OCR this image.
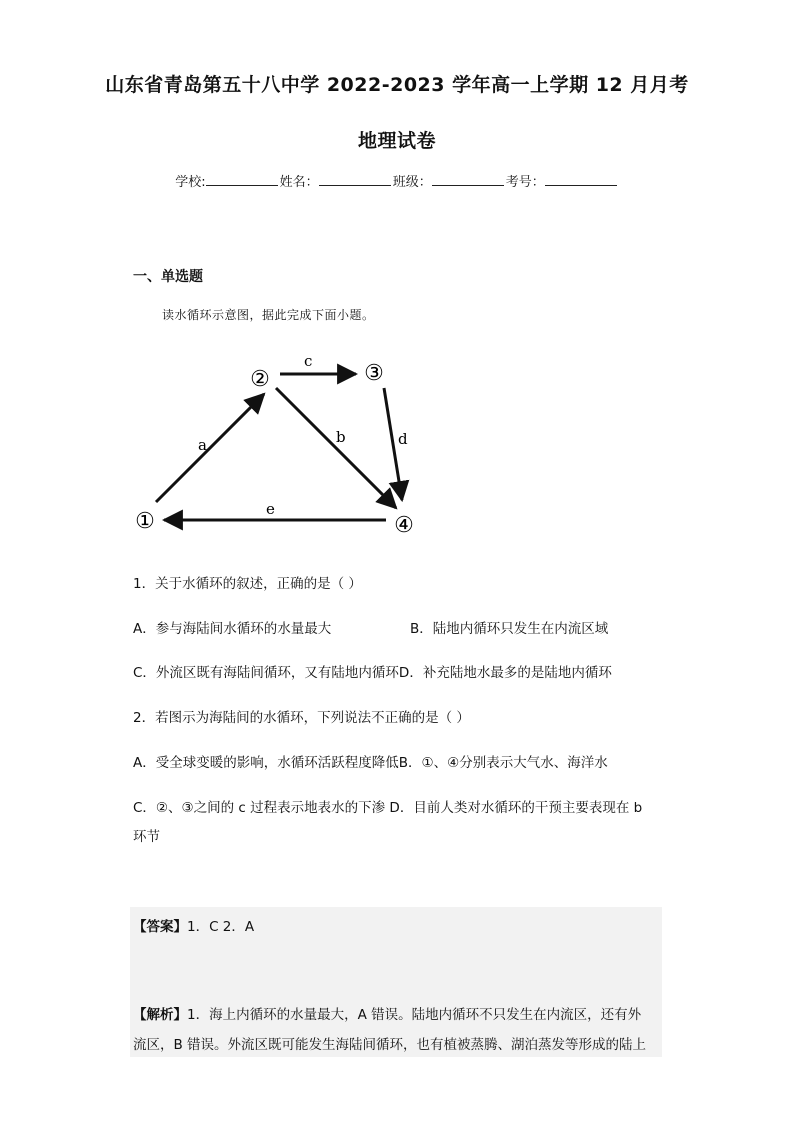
山东省青岛第五十八中学 2022-2023 学年高一上学期 12 月月考
地理试卷
学校:	姓名：	班级：	考号：
一、单选题
读水循环示意图，据此完成下面小题。
①
②	③
④
a	b
c
d
e
1．关于水循环的叙述，正确的是（ ）
A．参与海陆间水循环的水量最大	B．陆地内循环只发生在内流区域
C．外流区既有海陆间循环，又有陆地内循环D．补充陆地水最多的是陆地内循环
2．若图示为海陆间的水循环，下列说法不正确的是（ ）
A．受全球变暖的影响，水循环活跃程度降低B．①、④分别表示大气水、海洋水
C．②、③之间的 c 过程表示地表水的下渗 D．目前人类对水循环的干预主要表现在 b
环节
【答案】1．C 2．A
【解析】1．海上内循环的水量最大，A 错误。陆地内循环不只发生在内流区，还有外
流区，B 错误。外流区既可能发生海陆间循环，也有植被蒸腾、湖泊蒸发等形成的陆上
